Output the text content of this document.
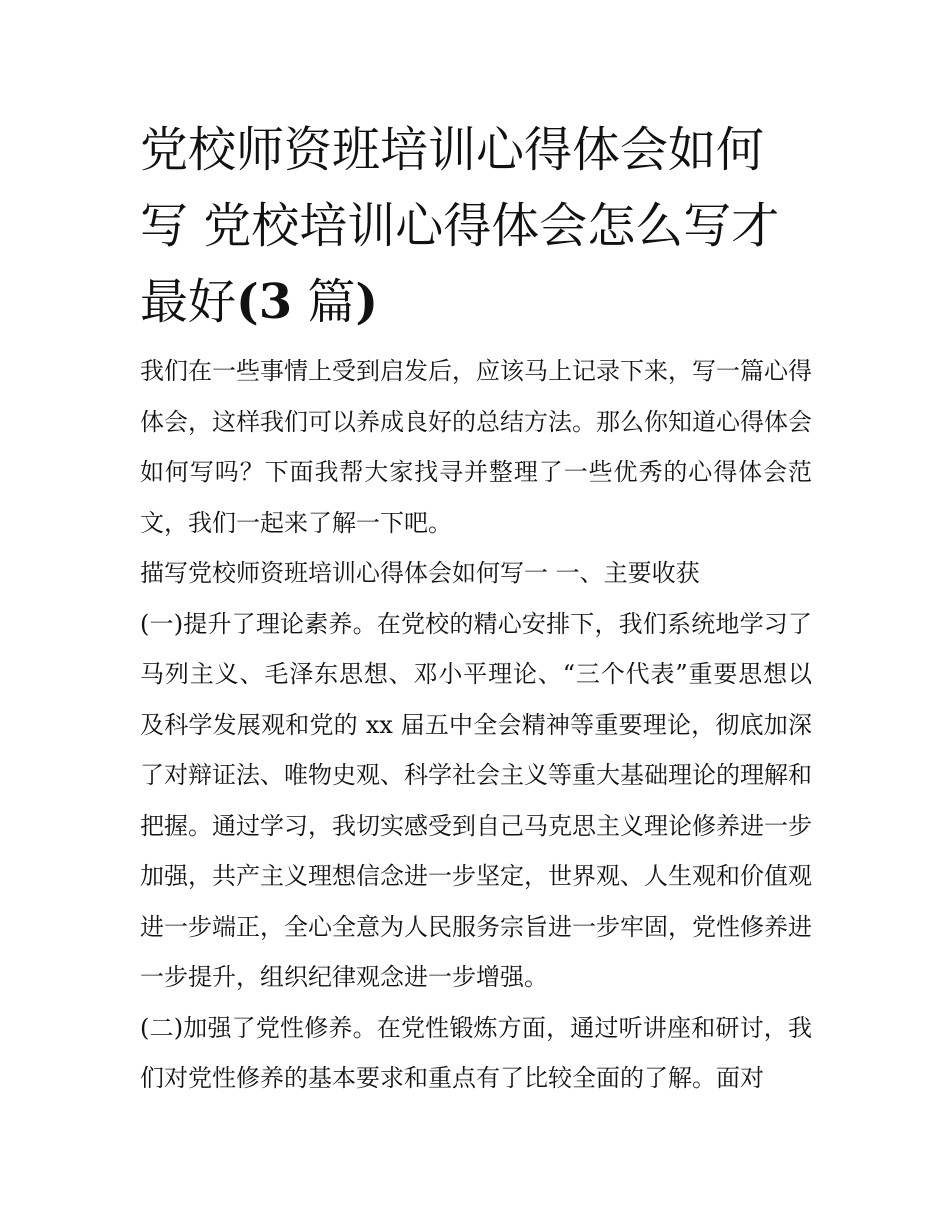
党校师资班培训心得体会如何
写 党校培训心得体会怎么写才
最好(3 篇)

我们在一些事情上受到启发后，应该马上记录下来，写一篇心得体会，这样我们可以养成良好的总结方法。那么你知道心得体会如何写吗？下面我帮大家找寻并整理了一些优秀的心得体会范文，我们一起来了解一下吧。

描写党校师资班培训心得体会如何写一 一、主要收获

(一)提升了理论素养。在党校的精心安排下，我们系统地学习了马列主义、毛泽东思想、邓小平理论、“三个代表”重要思想以及科学发展观和党的 xx 届五中全会精神等重要理论，彻底加深了对辩证法、唯物史观、科学社会主义等重大基础理论的理解和把握。通过学习，我切实感受到自己马克思主义理论修养进一步加强，共产主义理想信念进一步坚定，世界观、人生观和价值观进一步端正，全心全意为人民服务宗旨进一步牢固，党性修养进一步提升，组织纪律观念进一步增强。

(二)加强了党性修养。在党性锻炼方面，通过听讲座和研讨，我们对党性修养的基本要求和重点有了比较全面的了解。面对
